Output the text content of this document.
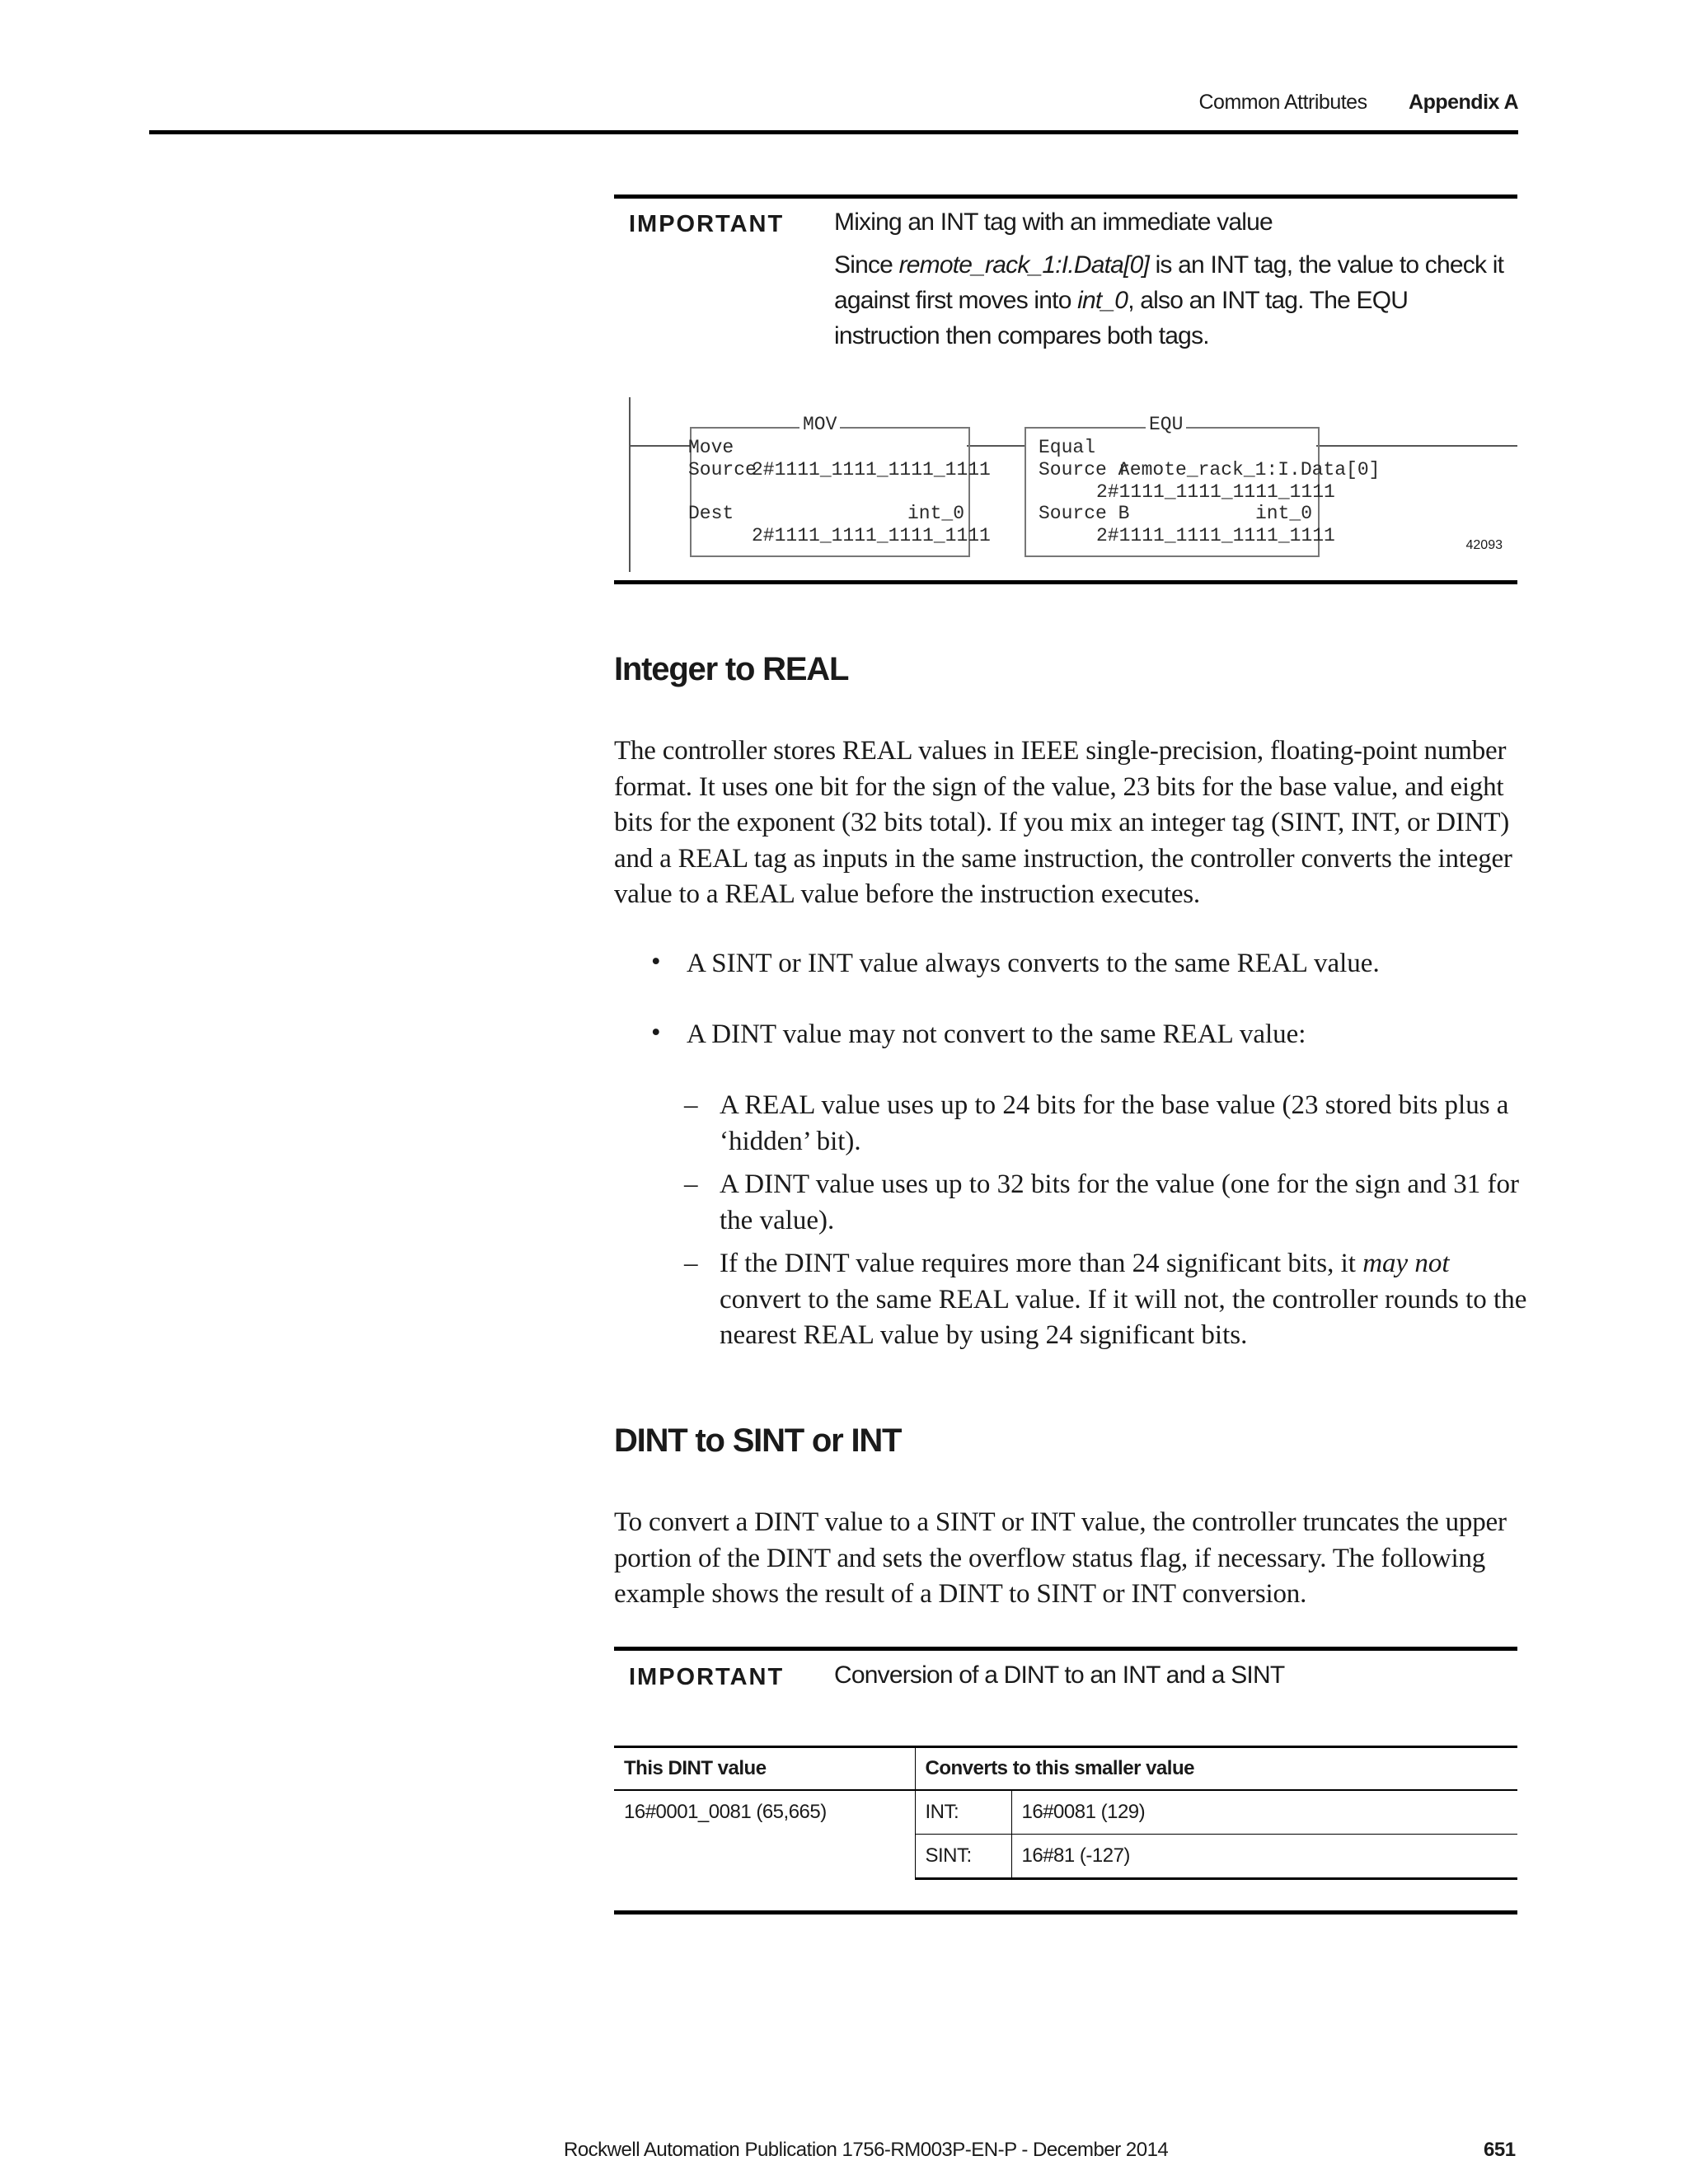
Common Attributes Appendix A
IMPORTANT Mixing an INT tag with an immediate value

Since remote_rack_1:I.Data[0] is an INT tag, the value to check it against first moves into int_0, also an INT tag. The EQU instruction then compares both tags.

MOV
Move
Source
2#1111_1111_1111_1111
Dest	int_0
2#1111_1111_1111_1111
EQU
Equal
Source A
remote_rack_1:I.Data[0]
2#1111_1111_1111_1111
Source B	int_0
2#1111_1111_1111_1111	42093
Integer to REAL

The controller stores REAL values in IEEE single-precision, floating-point number format. It uses one bit for the sign of the value, 23 bits for the base value, and eight bits for the exponent (32 bits total). If you mix an integer tag (SINT, INT, or DINT) and a REAL tag as inputs in the same instruction, the controller converts the integer value to a REAL value before the instruction executes.

• A SINT or INT value always converts to the same REAL value.
• A DINT value may not convert to the same REAL value:
– A REAL value uses up to 24 bits for the base value (23 stored bits plus a ‘hidden’ bit).
– A DINT value uses up to 32 bits for the value (one for the sign and 31 for the value).
– If the DINT value requires more than 24 significant bits, it may not convert to the same REAL value. If it will not, the controller rounds to the nearest REAL value by using 24 significant bits.
DINT to SINT or INT

To convert a DINT value to a SINT or INT value, the controller truncates the upper portion of the DINT and sets the overflow status flag, if necessary. The following example shows the result of a DINT to SINT or INT conversion.

IMPORTANT Conversion of a DINT to an INT and a SINT

This DINT value	Converts to this smaller value	
16#0001_0081 (65,665)	INT:	16#0081 (129)
	SINT:	16#81 (-127)
Rockwell Automation Publication 1756-RM003P-EN-P - December 2014	651
